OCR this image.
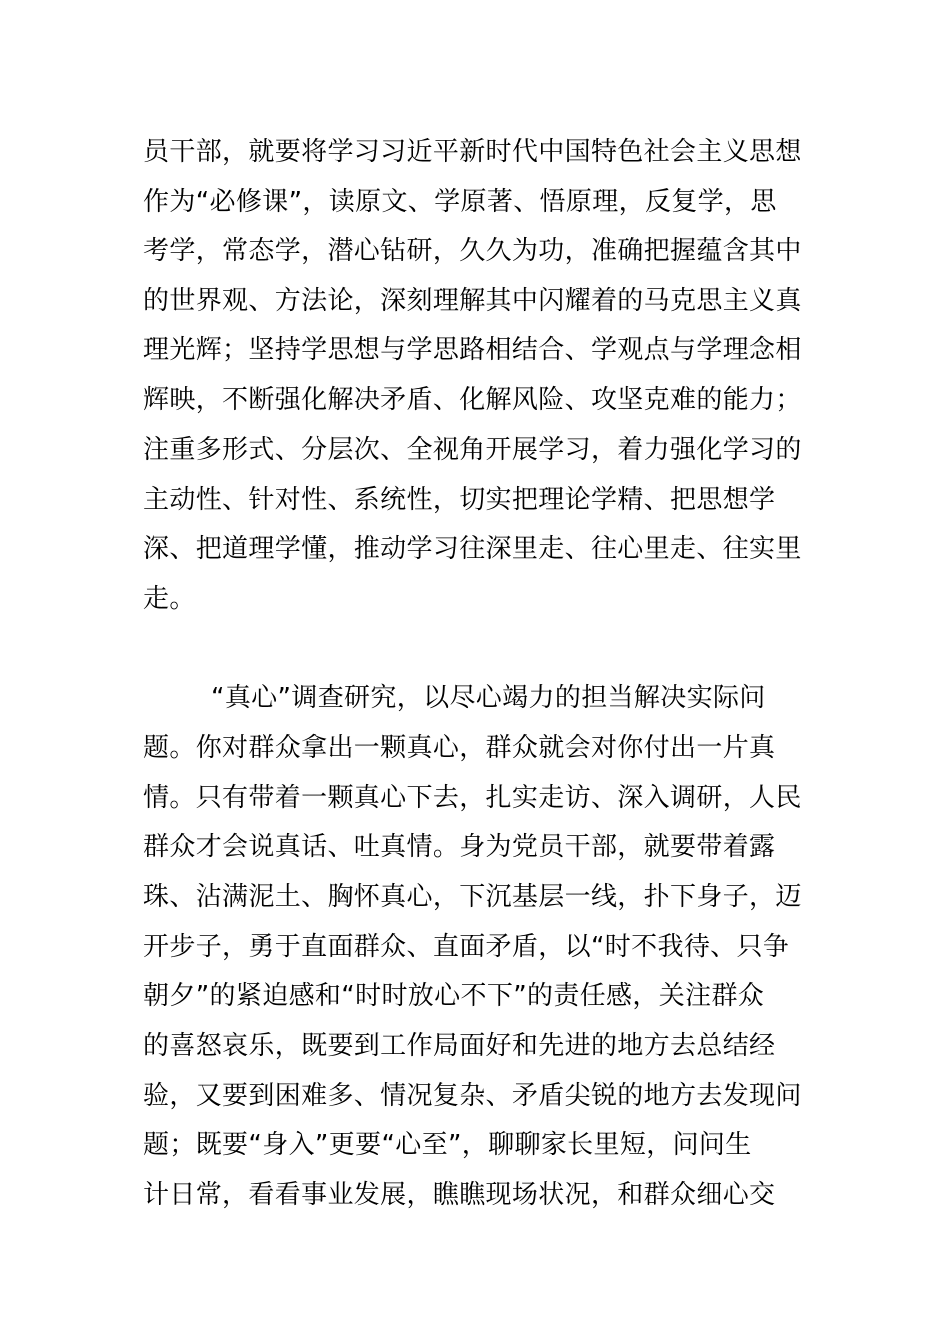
员干部，就要将学习习近平新时代中国特色社会主义思想
作为“必修课”，读原文、学原著、悟原理，反复学，思
考学，常态学，潜心钻研，久久为功，准确把握蕴含其中
的世界观、方法论，深刻理解其中闪耀着的马克思主义真
理光辉；坚持学思想与学思路相结合、学观点与学理念相
辉映，不断强化解决矛盾、化解风险、攻坚克难的能力；
注重多形式、分层次、全视角开展学习，着力强化学习的
主动性、针对性、系统性，切实把理论学精、把思想学
深、把道理学懂，推动学习往深里走、往心里走、往实里
走。
“真心”调查研究，以尽心竭力的担当解决实际问
题。你对群众拿出一颗真心，群众就会对你付出一片真
情。只有带着一颗真心下去，扎实走访、深入调研，人民
群众才会说真话、吐真情。身为党员干部，就要带着露
珠、沾满泥土、胸怀真心，下沉基层一线，扑下身子，迈
开步子，勇于直面群众、直面矛盾，以“时不我待、只争
朝夕”的紧迫感和“时时放心不下”的责任感，关注群众
的喜怒哀乐，既要到工作局面好和先进的地方去总结经
验，又要到困难多、情况复杂、矛盾尖锐的地方去发现问
题；既要“身入”更要“心至”，聊聊家长里短，问问生
计日常，看看事业发展，瞧瞧现场状况，和群众细心交
